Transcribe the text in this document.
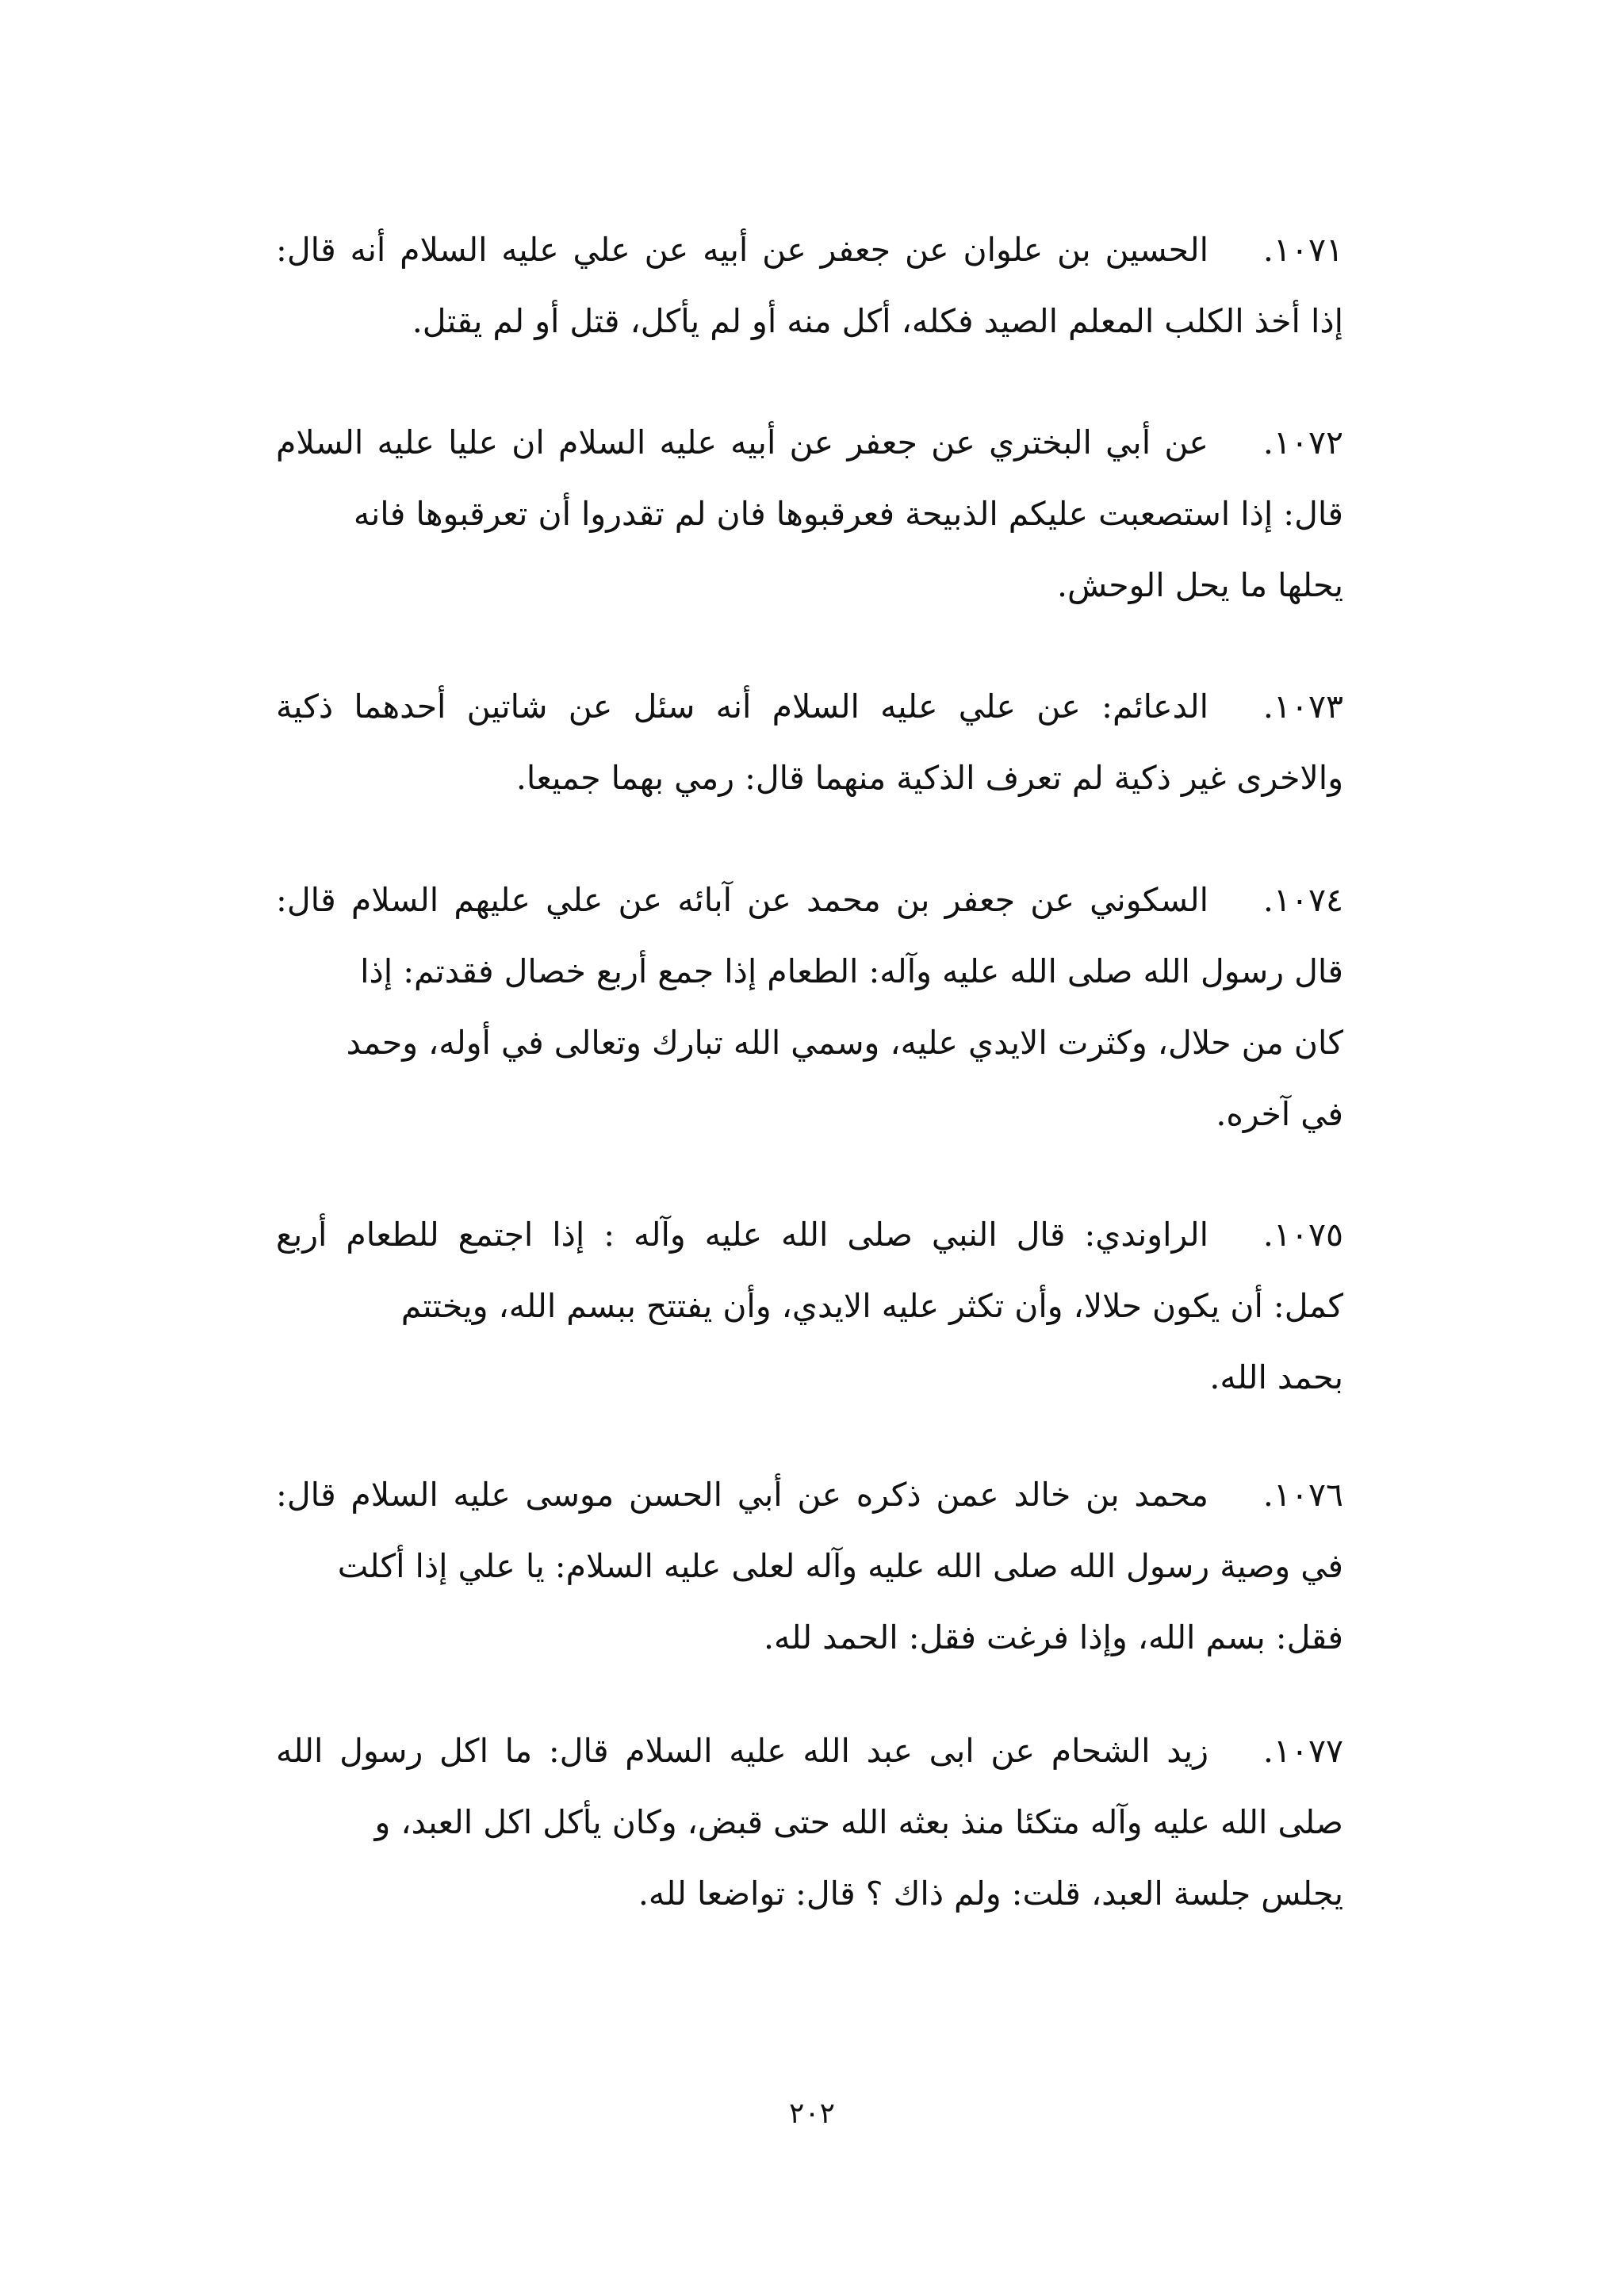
١٠٧١.
الحسين بن علوان عن جعفر عن أبيه عن علي عليه السلام أنه قال:
إذا أخذ الكلب المعلم الصيد فكله، أكل منه أو لم يأكل، قتل أو لم يقتل.
١٠٧٢.
عن أبي البختري عن جعفر عن أبيه عليه السلام ان عليا عليه السلام
قال: إذا استصعبت عليكم الذبيحة فعرقبوها فان لم تقدروا أن تعرقبوها فانه
يحلها ما يحل الوحش.
١٠٧٣.
الدعائم: عن علي عليه السلام أنه سئل عن شاتين أحدهما ذكية
والاخرى غير ذكية لم تعرف الذكية منهما قال: رمي بهما جميعا.
١٠٧٤.
السكوني عن جعفر بن محمد عن آبائه عن علي عليهم السلام قال:
قال رسول الله صلى الله عليه وآله: الطعام إذا جمع أربع خصال فقدتم: إذا
كان من حلال، وكثرت الايدي عليه، وسمي الله تبارك وتعالى في أوله، وحمد
في آخره.
١٠٧٥.
الراوندي: قال النبي صلى الله عليه وآله : إذا اجتمع للطعام أربع
كمل: أن يكون حلالا، وأن تكثر عليه الايدي، وأن يفتتح ببسم الله، ويختتم
بحمد الله.
١٠٧٦.
محمد بن خالد عمن ذكره عن أبي الحسن موسى عليه السلام قال:
في وصية رسول الله صلى الله عليه وآله لعلى عليه السلام: يا علي إذا أكلت
فقل: بسم الله، وإذا فرغت فقل: الحمد لله.
١٠٧٧.
زيد الشحام عن ابى عبد الله عليه السلام قال: ما اكل رسول الله
صلى الله عليه وآله متكئا منذ بعثه الله حتى قبض، وكان يأكل اكل العبد، و
يجلس جلسة العبد، قلت: ولم ذاك ؟ قال: تواضعا لله.
٢٠٢
